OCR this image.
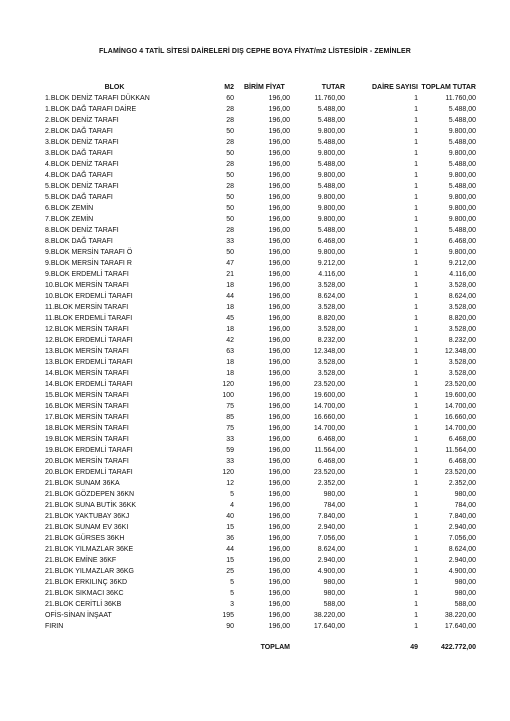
FLAMİNGO 4 TATİL SİTESİ DAİRELERİ DIŞ CEPHE BOYA FİYAT/m2 LİSTESİDİR - ZEMİNLER
BLOK	M2	BİRİM FİYAT	TUTAR	DAİRE SAYISI	TOPLAM TUTAR
1.BLOK DENİZ TARAFI DÜKKAN	60	196,00	11.760,00	1	11.760,00
1.BLOK DAĞ TARAFI DAİRE	28	196,00	5.488,00	1	5.488,00
2.BLOK DENİZ TARAFI	28	196,00	5.488,00	1	5.488,00
2.BLOK DAĞ TARAFI	50	196,00	9.800,00	1	9.800,00
3.BLOK DENİZ TARAFI	28	196,00	5.488,00	1	5.488,00
3.BLOK DAĞ TARAFI	50	196,00	9.800,00	1	9.800,00
4.BLOK DENİZ TARAFI	28	196,00	5.488,00	1	5.488,00
4.BLOK DAĞ TARAFI	50	196,00	9.800,00	1	9.800,00
5.BLOK DENİZ TARAFI	28	196,00	5.488,00	1	5.488,00
5.BLOK DAĞ TARAFI	50	196,00	9.800,00	1	9.800,00
6.BLOK ZEMİN	50	196,00	9.800,00	1	9.800,00
7.BLOK ZEMİN	50	196,00	9.800,00	1	9.800,00
8.BLOK DENİZ TARAFI	28	196,00	5.488,00	1	5.488,00
8.BLOK DAĞ TARAFI	33	196,00	6.468,00	1	6.468,00
9.BLOK MERSİN TARAFI Ö	50	196,00	9.800,00	1	9.800,00
9.BLOK MERSİN TARAFI R	47	196,00	9.212,00	1	9.212,00
9.BLOK ERDEMLİ TARAFI	21	196,00	4.116,00	1	4.116,00
10.BLOK MERSİN TARAFI	18	196,00	3.528,00	1	3.528,00
10.BLOK ERDEMLİ TARAFI	44	196,00	8.624,00	1	8.624,00
11.BLOK MERSİN TARAFI	18	196,00	3.528,00	1	3.528,00
11.BLOK ERDEMLİ TARAFI	45	196,00	8.820,00	1	8.820,00
12.BLOK MERSİN TARAFI	18	196,00	3.528,00	1	3.528,00
12.BLOK ERDEMLİ TARAFI	42	196,00	8.232,00	1	8.232,00
13.BLOK MERSİN TARAFI	63	196,00	12.348,00	1	12.348,00
13.BLOK ERDEMLİ TARAFI	18	196,00	3.528,00	1	3.528,00
14.BLOK MERSİN TARAFI	18	196,00	3.528,00	1	3.528,00
14.BLOK ERDEMLİ TARAFI	120	196,00	23.520,00	1	23.520,00
15.BLOK MERSİN TARAFI	100	196,00	19.600,00	1	19.600,00
16.BLOK MERSİN TARAFI	75	196,00	14.700,00	1	14.700,00
17.BLOK MERSİN TARAFI	85	196,00	16.660,00	1	16.660,00
18.BLOK MERSİN TARAFI	75	196,00	14.700,00	1	14.700,00
19.BLOK MERSİN TARAFI	33	196,00	6.468,00	1	6.468,00
19.BLOK ERDEMLİ TARAFI	59	196,00	11.564,00	1	11.564,00
20.BLOK MERSİN TARAFI	33	196,00	6.468,00	1	6.468,00
20.BLOK ERDEMLİ TARAFI	120	196,00	23.520,00	1	23.520,00
21.BLOK SUNAM 36KA	12	196,00	2.352,00	1	2.352,00
21.BLOK GÖZDEPEN 36KN	5	196,00	980,00	1	980,00
21.BLOK SUNA BUTİK 36KK	4	196,00	784,00	1	784,00
21.BLOK YAKTUBAY 36KJ	40	196,00	7.840,00	1	7.840,00
21.BLOK SUNAM EV 36KI	15	196,00	2.940,00	1	2.940,00
21.BLOK GÜRSES 36KH	36	196,00	7.056,00	1	7.056,00
21.BLOK YILMAZLAR 36KE	44	196,00	8.624,00	1	8.624,00
21.BLOK EMİNE 36KF	15	196,00	2.940,00	1	2.940,00
21.BLOK YILMAZLAR 36KG	25	196,00	4.900,00	1	4.900,00
21.BLOK ERKILINÇ 36KD	5	196,00	980,00	1	980,00
21.BLOK SIKMACI 36KC	5	196,00	980,00	1	980,00
21.BLOK CERİTLİ 36KB	3	196,00	588,00	1	588,00
OFİS-SİNAN İNŞAAT	195	196,00	38.220,00	1	38.220,00
FIRIN	90	196,00	17.640,00	1	17.640,00

		TOPLAM		49	422.772,00
